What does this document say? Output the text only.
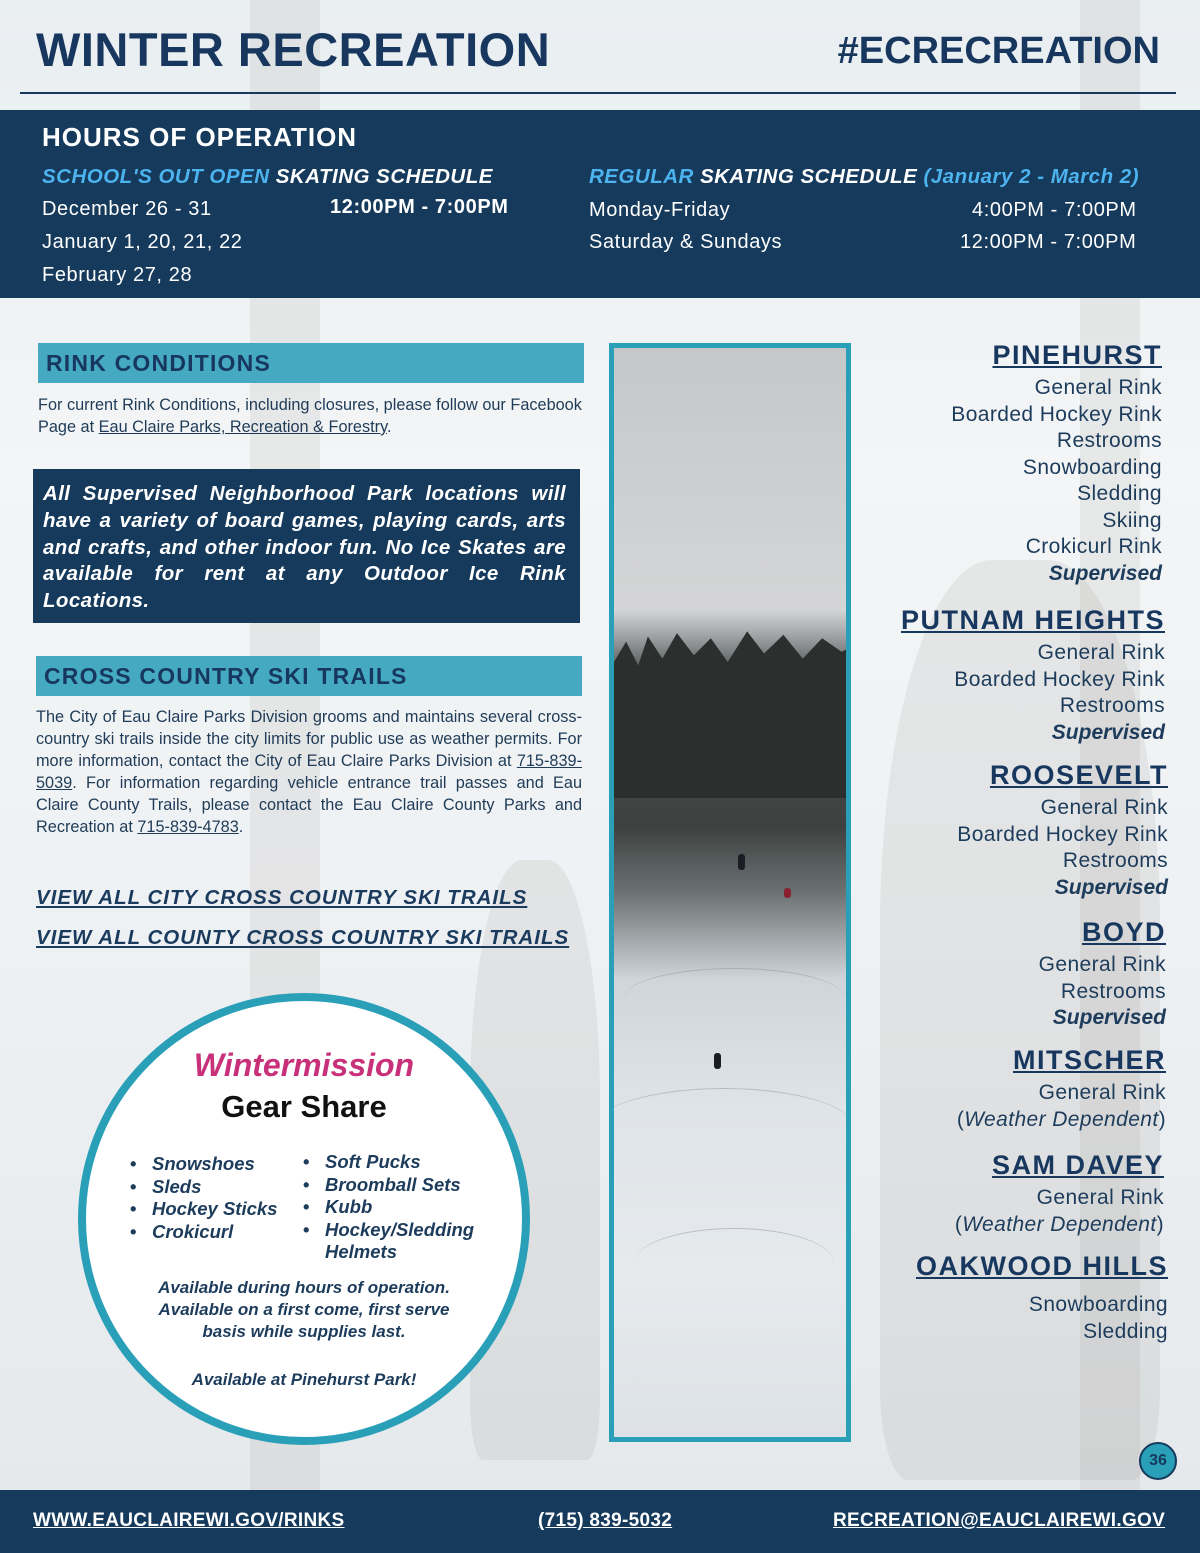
WINTER RECREATION	#ECRECREATION
HOURS OF OPERATION
SCHOOL'S OUT OPEN SKATING SCHEDULE
December 26 - 31	12:00PM - 7:00PM
January 1, 20, 21, 22
February 27, 28
REGULAR SKATING SCHEDULE (January 2 - March 2)
Monday-Friday	4:00PM - 7:00PM
Saturday & Sundays	12:00PM - 7:00PM
RINK CONDITIONS

For current Rink Conditions, including closures, please follow our Facebook Page at Eau Claire Parks, Recreation & Forestry.

All Supervised Neighborhood Park locations will have a variety of board games, playing cards, arts and crafts, and other indoor fun. No Ice Skates are available for rent at any Outdoor Ice Rink Locations.
CROSS COUNTRY SKI TRAILS

The City of Eau Claire Parks Division grooms and maintains several cross-country ski trails inside the city limits for public use as weather permits. For more information, contact the City of Eau Claire Parks Division at 715-839-5039. For information regarding vehicle entrance trail passes and Eau Claire County Trails, please contact the Eau Claire County Parks and Recreation at 715-839-4783.

VIEW ALL CITY CROSS COUNTRY SKI TRAILS
VIEW ALL COUNTY CROSS COUNTRY SKI TRAILS
Wintermission
Gear Share
• Snowshoes
• Sleds
• Hockey Sticks
• Crokicurl
• Soft Pucks
• Broomball Sets
• Kubb
• Hockey/Sledding Helmets
Available during hours of operation. Available on a first come, first serve basis while supplies last.
Available at Pinehurst Park!
PINEHURST
General Rink
Boarded Hockey Rink
Restrooms
Snowboarding
Sledding
Skiing
Crokicurl Rink
Supervised
PUTNAM HEIGHTS
General Rink
Boarded Hockey Rink
Restrooms
Supervised
ROOSEVELT
General Rink
Boarded Hockey Rink
Restrooms
Supervised
BOYD
General Rink
Restrooms
Supervised
MITSCHER
General Rink
(Weather Dependent)
SAM DAVEY
General Rink
(Weather Dependent)
OAKWOOD HILLS
Snowboarding
Sledding
36
WWW.EAUCLAIREWI.GOV/RINKS	(715) 839-5032	RECREATION@EAUCLAIREWI.GOV
